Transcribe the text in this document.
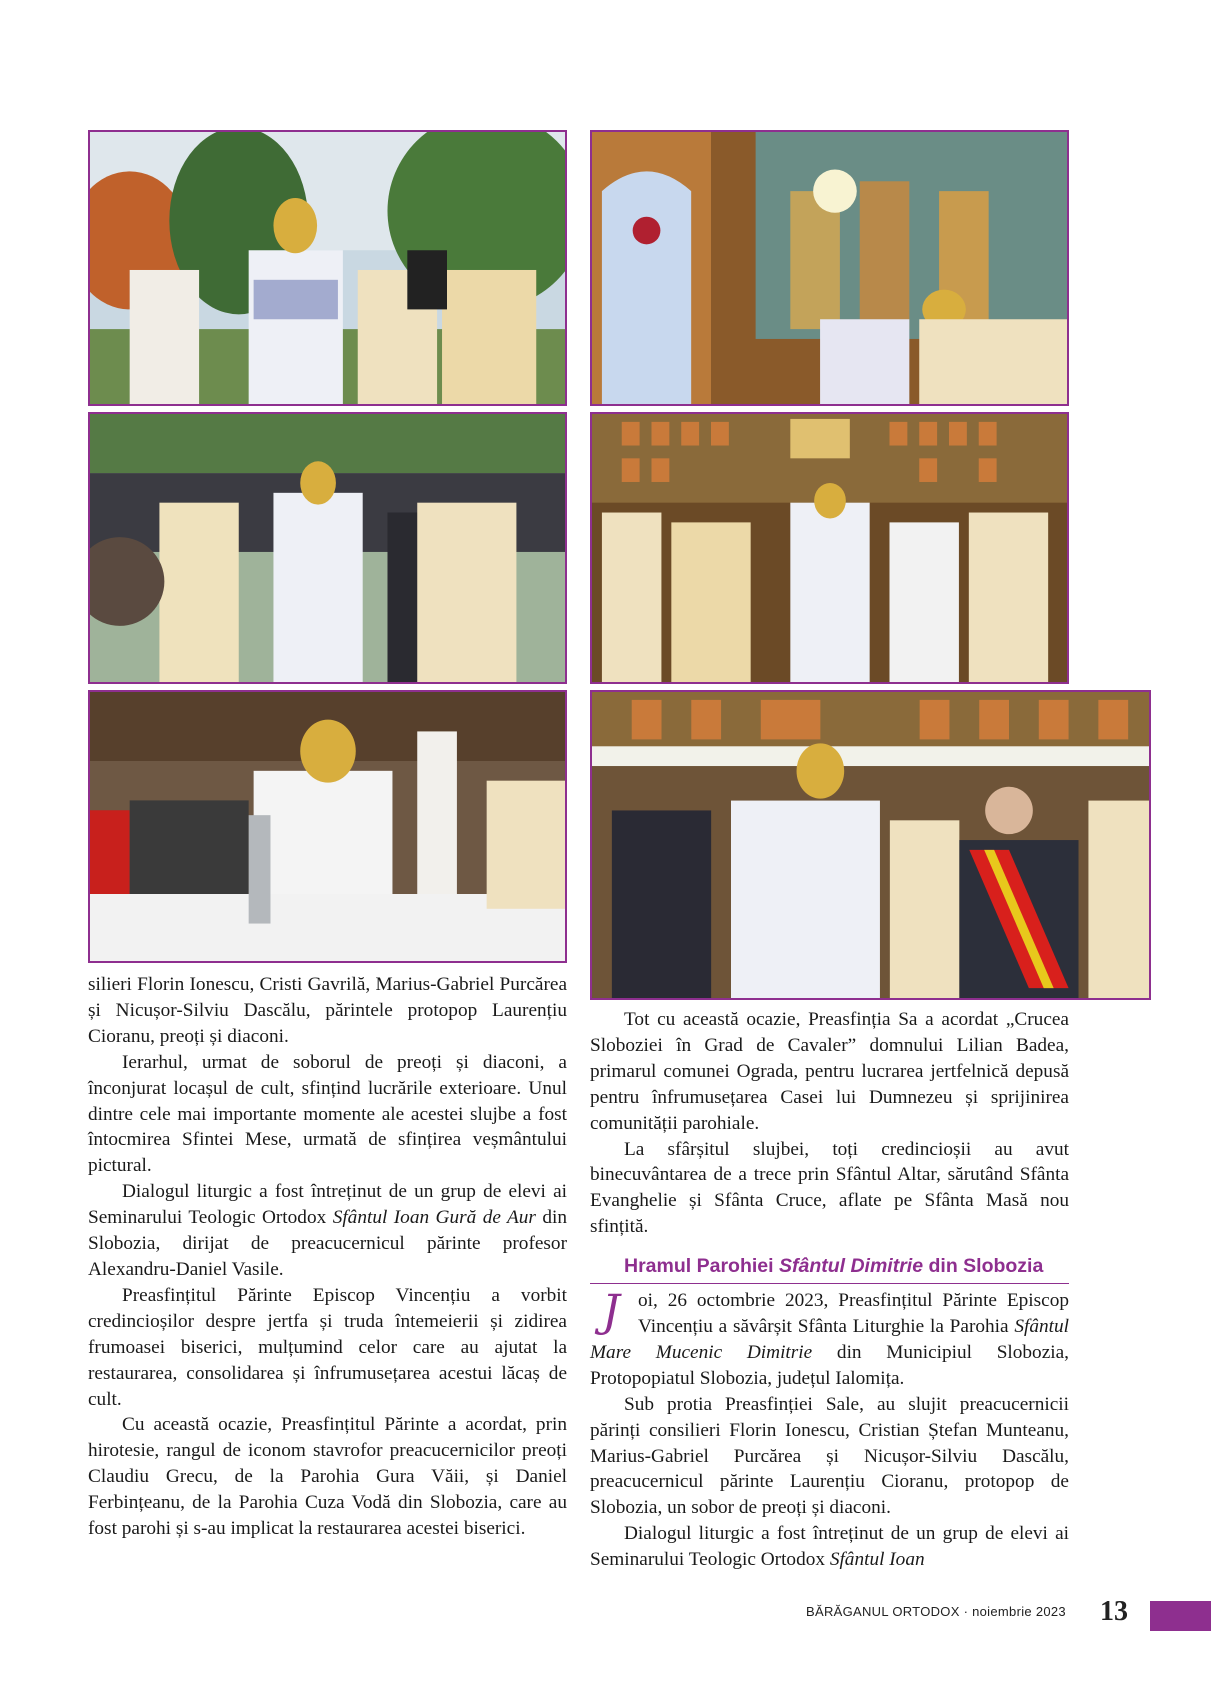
silieri Florin Ionescu, Cristi Gavrilă, Marius-Gabriel Purcărea și Nicușor-Silviu Dascălu, părintele protopop Laurențiu Cioranu, preoți și diaconi.

Ierarhul, urmat de soborul de preoți și diaconi, a înconjurat locașul de cult, sfințind lucrările exterioare. Unul dintre cele mai importante momente ale acestei slujbe a fost întocmirea Sfintei Mese, urmată de sfințirea veșmântului pictural.

Dialogul liturgic a fost întreținut de un grup de elevi ai Seminarului Teologic Ortodox Sfântul Ioan Gură de Aur din Slobozia, dirijat de preacucernicul părinte profesor Alexandru-Daniel Vasile.

Preasfințitul Părinte Episcop Vincențiu a vorbit credincioșilor despre jertfa și truda întemeierii și zidirea frumoasei biserici, mulțumind celor care au ajutat la restaurarea, consolidarea și înfrumusețarea acestui lăcaș de cult.

Cu această ocazie, Preasfințitul Părinte a acordat, prin hirotesie, rangul de iconom stavrofor preacucernicilor preoți Claudiu Grecu, de la Parohia Gura Văii, și Daniel Ferbințeanu, de la Parohia Cuza Vodă din Slobozia, care au fost parohi și s-au implicat la restaurarea acestei biserici.

Tot cu această ocazie, Preasfinția Sa a acordat „Crucea Sloboziei în Grad de Cavaler” domnului Lilian Badea, primarul comunei Ograda, pentru lucrarea jertfelnică depusă pentru înfrumusețarea Casei lui Dumnezeu și sprijinirea comunității parohiale.

La sfârșitul slujbei, toți credincioșii au avut binecuvântarea de a trece prin Sfântul Altar, sărutând Sfânta Evanghelie și Sfânta Cruce, aflate pe Sfânta Masă nou sfințită.

Hramul Parohiei Sfântul Dimitrie din Slobozia

Joi, 26 octombrie 2023, Preasfințitul Părinte Episcop Vincențiu a săvârșit Sfânta Liturghie la Parohia Sfântul Mare Mucenic Dimitrie din Municipiul Slobozia, Protopopiatul Slobozia, județul Ialomița.

Sub protia Preasfinției Sale, au slujit preacucernicii părinți consilieri Florin Ionescu, Cristian Ștefan Munteanu, Marius-Gabriel Purcărea și Nicușor-Silviu Dascălu, preacucernicul părinte Laurențiu Cioranu, protopop de Slobozia, un sobor de preoți și diaconi.

Dialogul liturgic a fost întreținut de un grup de elevi ai Seminarului Teologic Ortodox Sfântul Ioan

BĂRĂGANUL ORTODOX · noiembrie 2023 13
